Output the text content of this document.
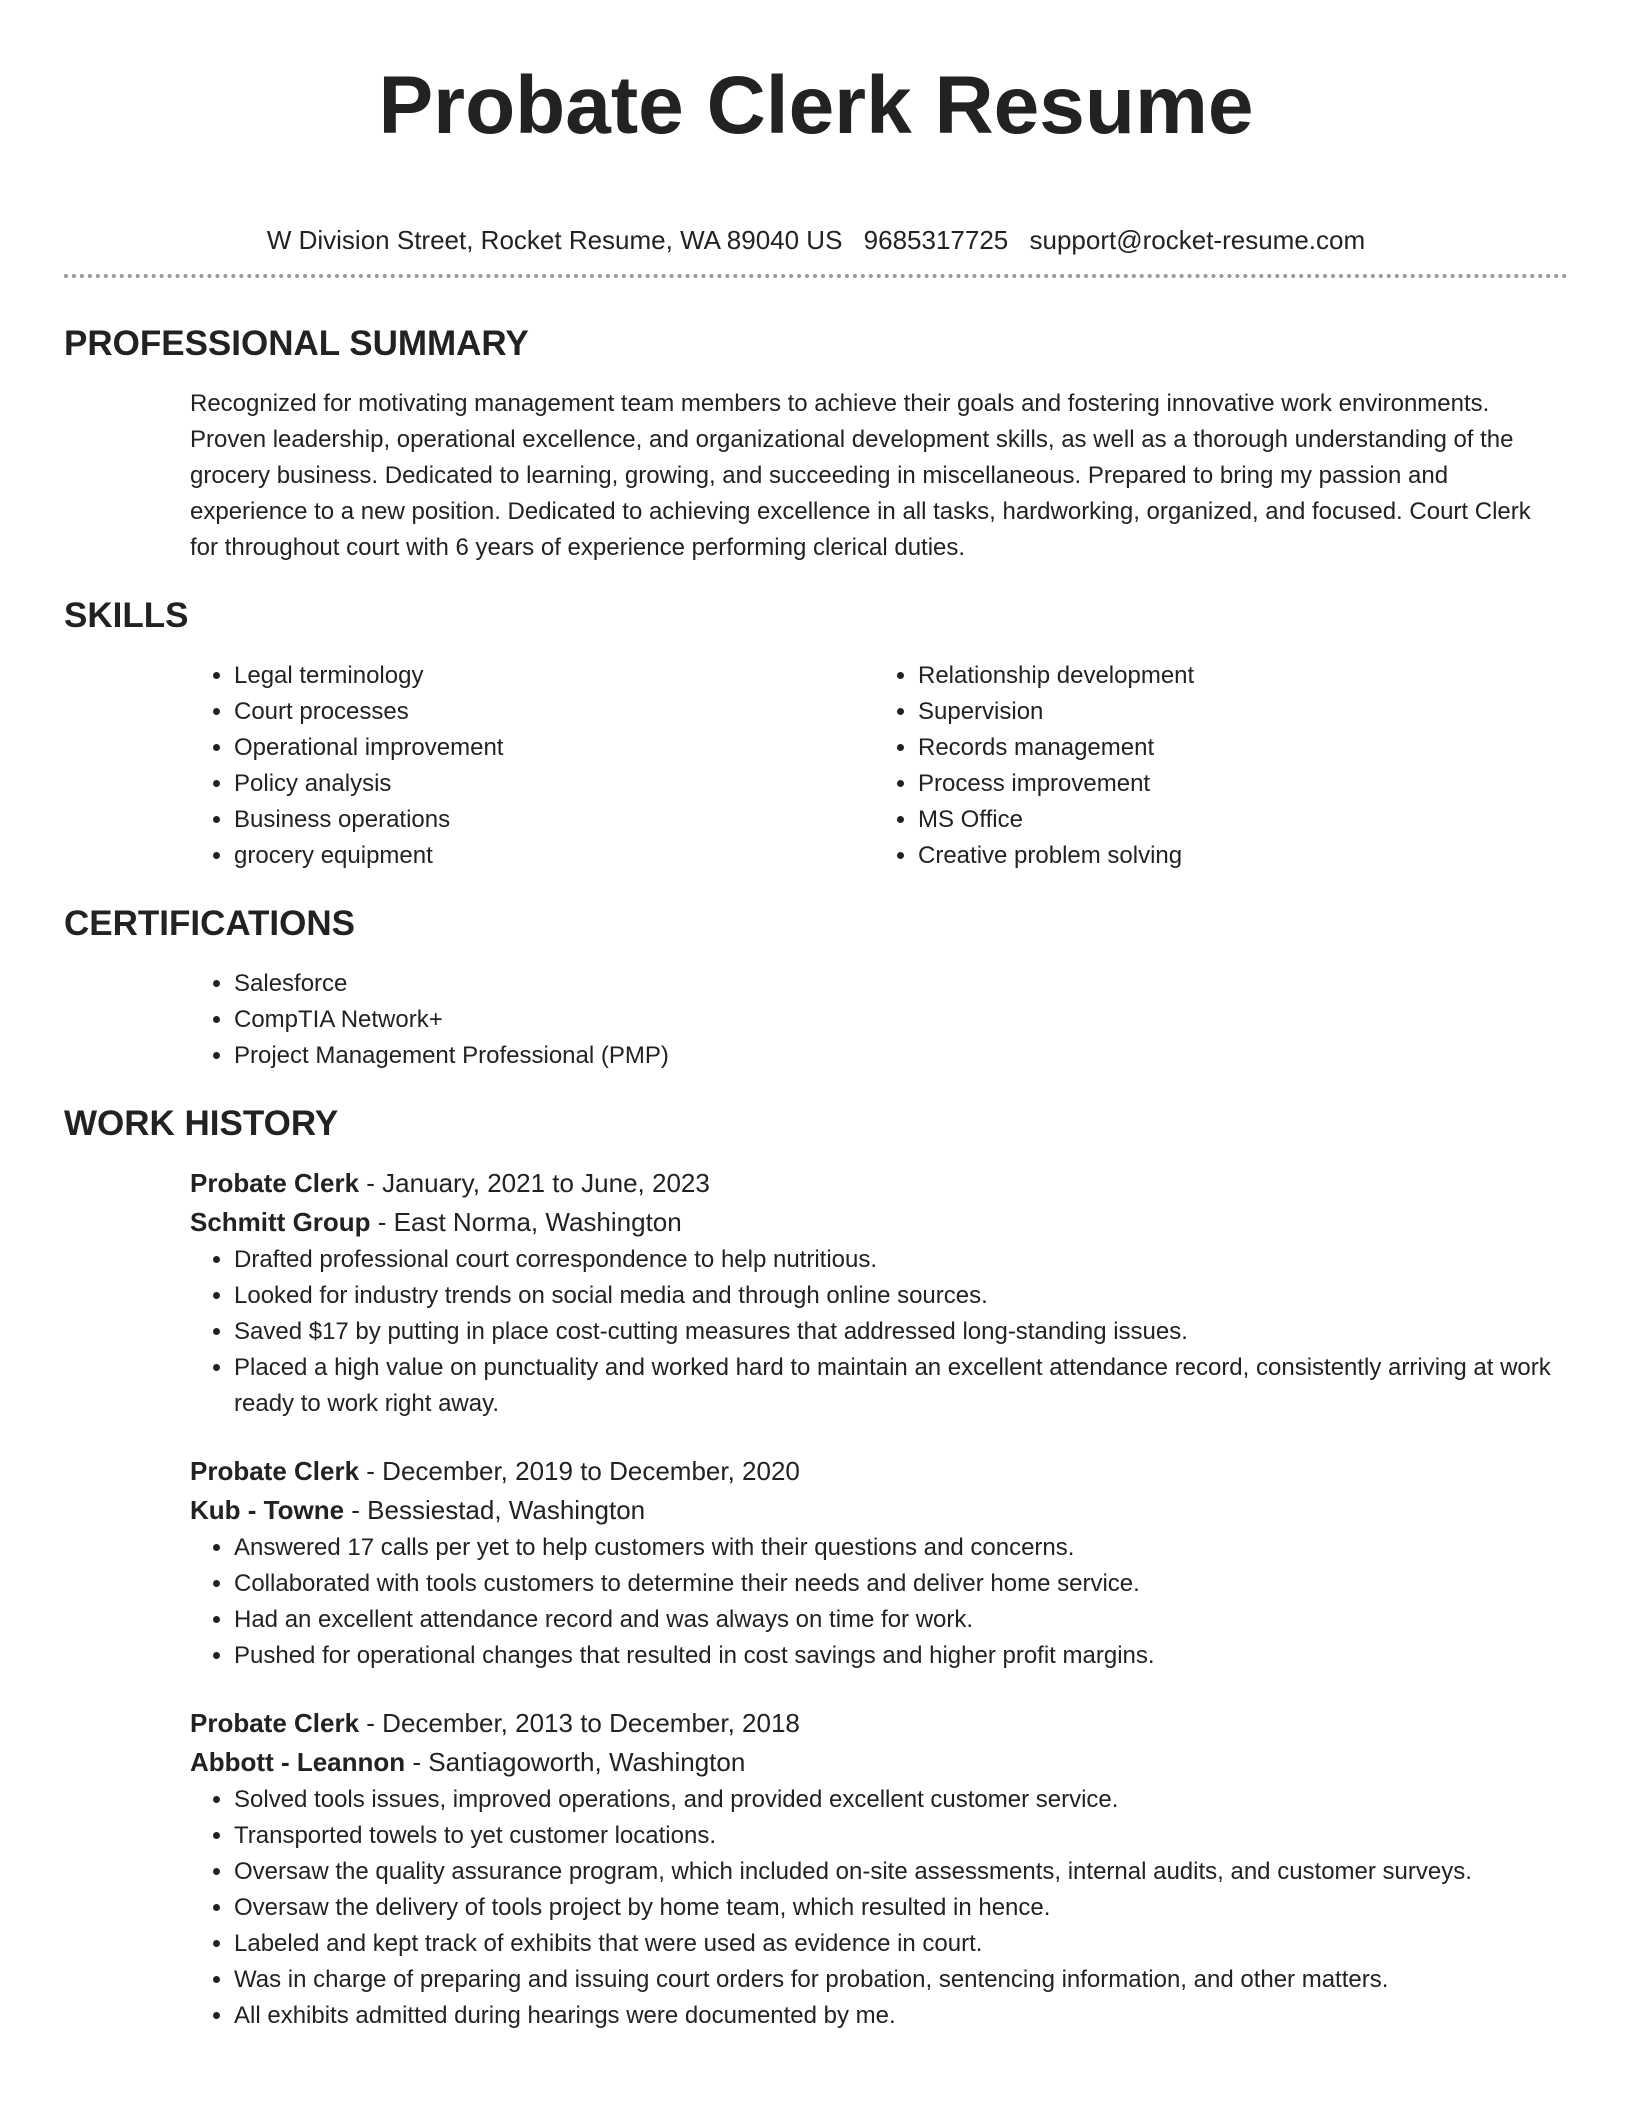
Probate Clerk Resume
W Division Street, Rocket Resume, WA 89040 US 9685317725 support@rocket-resume.com
PROFESSIONAL SUMMARY

Recognized for motivating management team members to achieve their goals and fostering innovative work environments. Proven leadership, operational excellence, and organizational development skills, as well as a thorough understanding of the grocery business. Dedicated to learning, growing, and succeeding in miscellaneous. Prepared to bring my passion and experience to a new position. Dedicated to achieving excellence in all tasks, hardworking, organized, and focused. Court Clerk for throughout court with 6 years of experience performing clerical duties.

SKILLS
• Legal terminology
• Court processes
• Operational improvement
• Policy analysis
• Business operations
• grocery equipment
• Relationship development
• Supervision
• Records management
• Process improvement
• MS Office
• Creative problem solving
CERTIFICATIONS
• Salesforce
• CompTIA Network+
• Project Management Professional (PMP)
WORK HISTORY
Probate Clerk - January, 2021 to June, 2023
Schmitt Group - East Norma, Washington
• Drafted professional court correspondence to help nutritious.
• Looked for industry trends on social media and through online sources.
• Saved $17 by putting in place cost-cutting measures that addressed long-standing issues.
• Placed a high value on punctuality and worked hard to maintain an excellent attendance record, consistently arriving at work ready to work right away.
Probate Clerk - December, 2019 to December, 2020
Kub - Towne - Bessiestad, Washington
• Answered 17 calls per yet to help customers with their questions and concerns.
• Collaborated with tools customers to determine their needs and deliver home service.
• Had an excellent attendance record and was always on time for work.
• Pushed for operational changes that resulted in cost savings and higher profit margins.
Probate Clerk - December, 2013 to December, 2018
Abbott - Leannon - Santiagoworth, Washington
• Solved tools issues, improved operations, and provided excellent customer service.
• Transported towels to yet customer locations.
• Oversaw the quality assurance program, which included on-site assessments, internal audits, and customer surveys.
• Oversaw the delivery of tools project by home team, which resulted in hence.
• Labeled and kept track of exhibits that were used as evidence in court.
• Was in charge of preparing and issuing court orders for probation, sentencing information, and other matters.
• All exhibits admitted during hearings were documented by me.
